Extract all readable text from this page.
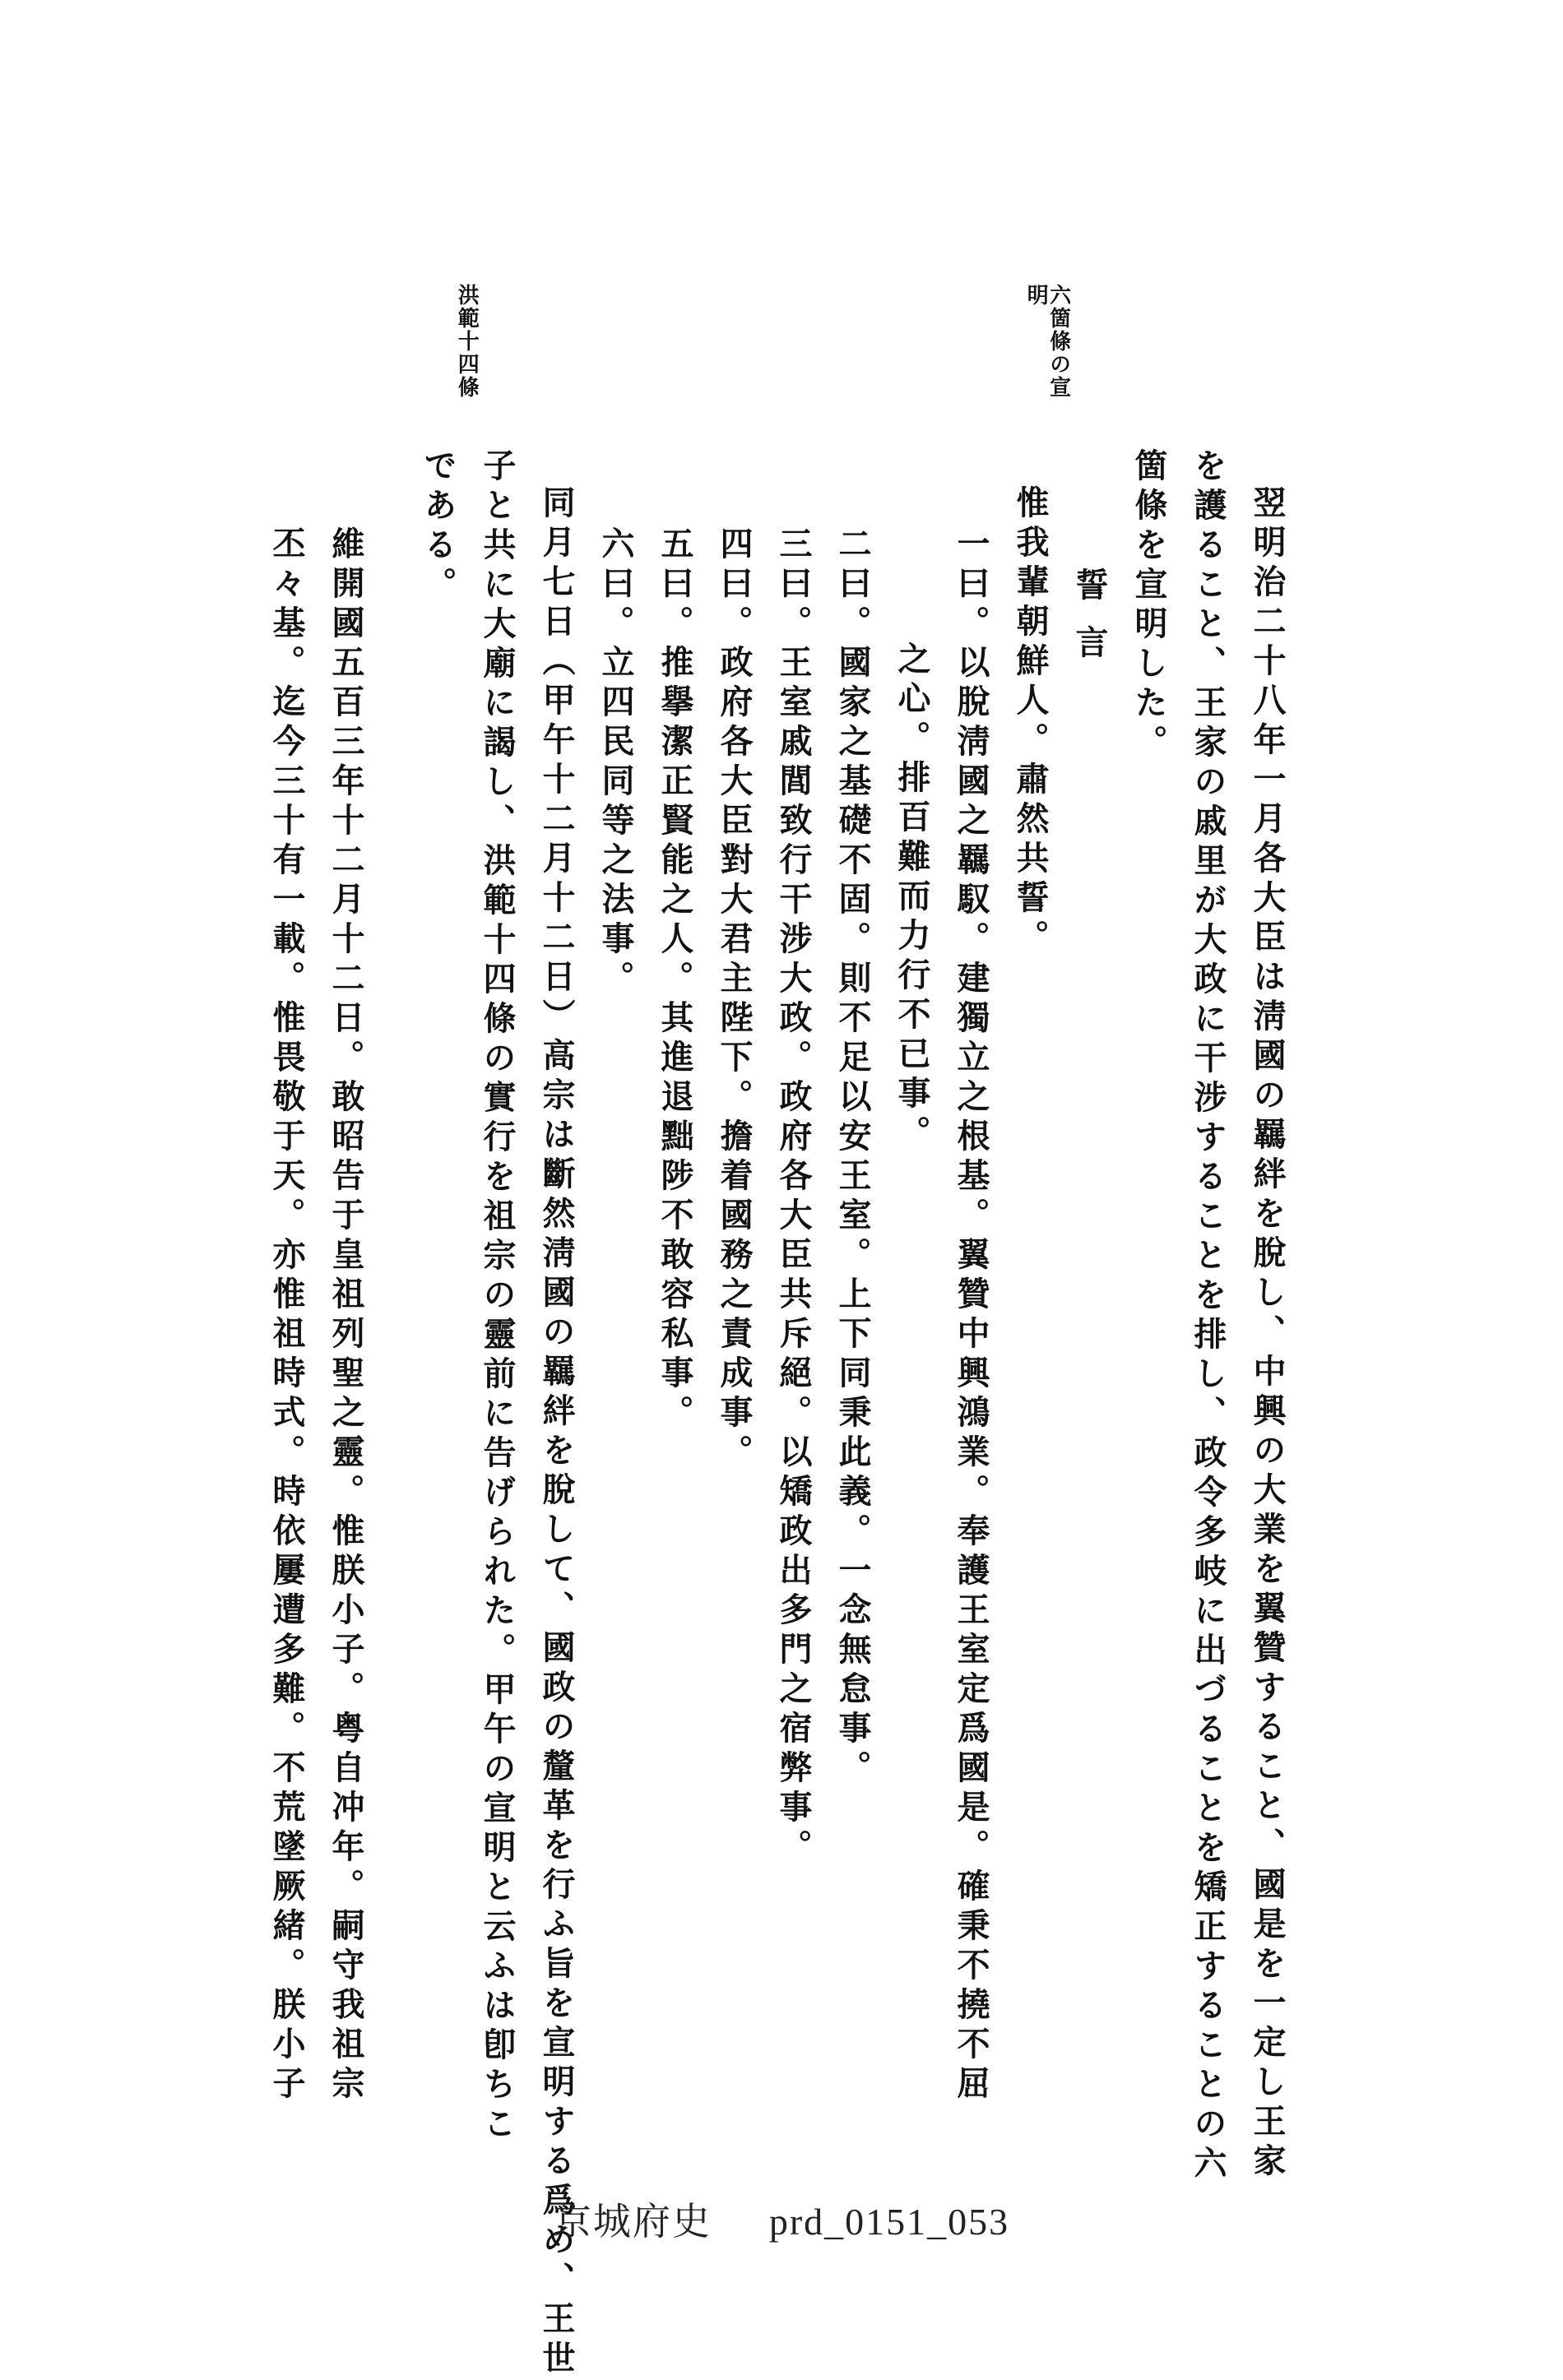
翌明治二十八年一月各大臣は淸國の羈絆を脫し、中興の大業を翼贊すること、國是を一定し王家
を護ること、王家の戚里が大政に干涉することを排し、政令多岐に出づることを矯正することの六
箇條を宣明した。
誓言
惟我輩朝鮮人。肅然共誓。
一曰。以脫淸國之羈馭。建獨立之根基。翼贊中興鴻業。奉護王室定爲國是。確秉不撓不屈
之心。排百難而力行不已事。
二曰。國家之基礎不固。則不足以安王室。上下同秉此義。一念無怠事。
三曰。王室戚閭致行干涉大政。政府各大臣共斥絕。以矯政出多門之宿弊事。
四曰。政府各大臣對大君主陛下。擔着國務之責成事。
五曰。推擧潔正賢能之人。其進退黜陟不敢容私事。
六曰。立四民同等之法事。
同月七日（甲午十二月十二日）高宗は斷然淸國の羈絆を脫して、國政の釐革を行ふ旨を宣明する爲め、王世
子と共に大廟に謁し、洪範十四條の實行を祖宗の靈前に告げられた。甲午の宣明と云ふは卽ちこ
である。
維開國五百三年十二月十二日。敢昭告于皇祖列聖之靈。惟朕小子。粤自冲年。嗣守我祖宗
丕々基。迄今三十有一載。惟畏敬于天。亦惟祖時式。時依屢遭多難。不荒墜厥緒。朕小子
六箇條の宣明
洪範十四條
京城府史 prd_0151_053
